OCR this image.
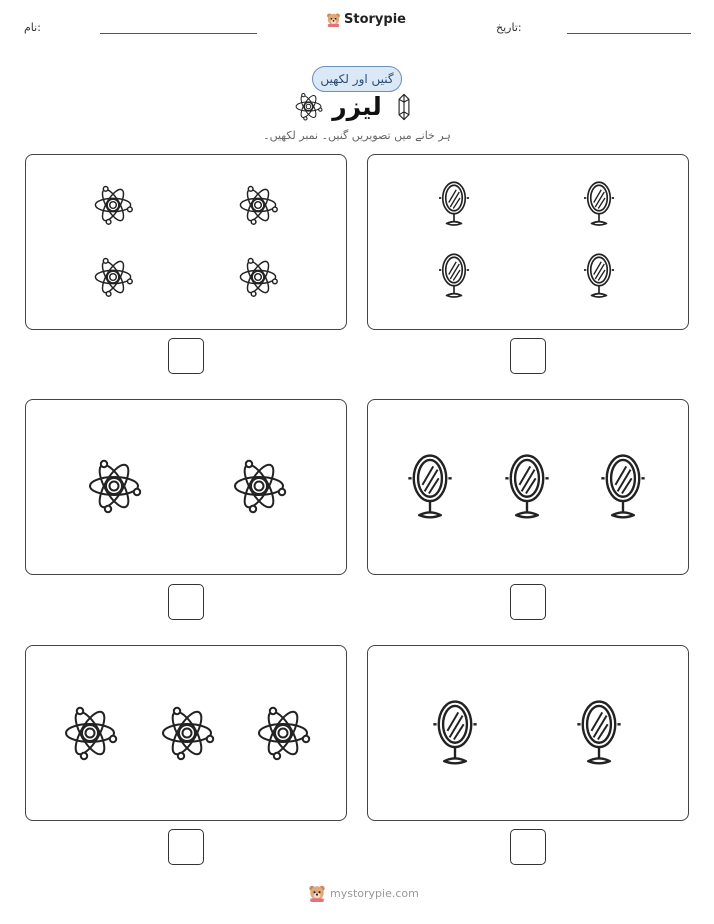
تاریخ:
نام:
Storypie
گنیں اور لکھیں
لیزر
ہر خانے میں تصویریں گنیں۔ نمبر لکھیں۔
mystorypie.com
